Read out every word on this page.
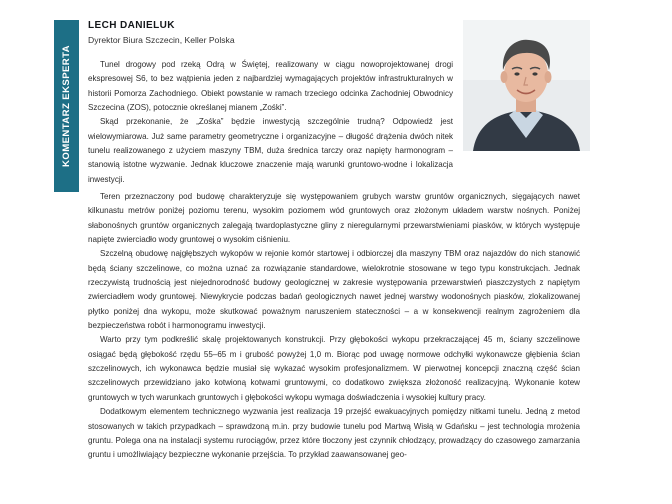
KOMENTARZ EKSPERTA
LECH DANIELUK
Dyrektor Biura Szczecin, Keller Polska

Tunel drogowy pod rzeką Odrą w Świętej, realizowany w ciągu nowoprojektowanej drogi ekspresowej S6, to bez wątpienia jeden z najbardziej wymagających projektów infrastrukturalnych w historii Pomorza Zachodniego. Obiekt powstanie w ramach trzeciego odcinka Zachodniej Obwodnicy Szczecina (ZOS), potocznie określanej mianem „Zośki”.

Skąd przekonanie, że „Zośka” będzie inwestycją szczególnie trudną? Odpowiedź jest wielowymiarowa. Już same parametry geometryczne i organizacyjne – długość drążenia dwóch nitek tunelu realizowanego z użyciem maszyny TBM, duża średnica tarczy oraz napięty harmonogram – stanowią istotne wyzwanie. Jednak kluczowe znaczenie mają warunki gruntowo-wodne i lokalizacja inwestycji.

Teren przeznaczony pod budowę charakteryzuje się występowaniem grubych warstw gruntów organicznych, sięgających nawet kilkunastu metrów poniżej poziomu terenu, wysokim poziomem wód gruntowych oraz złożonym układem warstw nośnych. Poniżej słabonośnych gruntów organicznych zalegają twardoplastyczne gliny z nieregularnymi przewarstwieniami piasków, w których występuje napięte zwierciadło wody gruntowej o wysokim ciśnieniu.

Szczelną obudowę najgłębszych wykopów w rejonie komór startowej i odbiorczej dla maszyny TBM oraz najazdów do nich stanowić będą ściany szczelinowe, co można uznać za rozwiązanie standardowe, wielokrotnie stosowane w tego typu konstrukcjach. Jednak rzeczywistą trudnością jest niejednorodność budowy geologicznej w zakresie występowania przewarstwień piaszczystych z napiętym zwierciadłem wody gruntowej. Niewykrycie podczas badań geologicznych nawet jednej warstwy wodonośnych piasków, zlokalizowanej płytko poniżej dna wykopu, może skutkować poważnym naruszeniem stateczności – a w konsekwencji realnym zagrożeniem dla bezpieczeństwa robót i harmonogramu inwestycji.

Warto przy tym podkreślić skalę projektowanych konstrukcji. Przy głębokości wykopu przekraczającej 45 m, ściany szczelinowe osiągać będą głębokość rzędu 55–65 m i grubość powyżej 1,0 m. Biorąc pod uwagę normowe odchyłki wykonawcze głębienia ścian szczelinowych, ich wykonawca będzie musiał się wykazać wysokim profesjonalizmem. W pierwotnej koncepcji znaczną część ścian szczelinowych przewidziano jako kotwioną kotwami gruntowymi, co dodatkowo zwiększa złożoność realizacyjną. Wykonanie kotew gruntowych w tych warunkach gruntowych i głębokości wykopu wymaga doświadczenia i wysokiej kultury pracy.

Dodatkowym elementem technicznego wyzwania jest realizacja 19 przejść ewakuacyjnych pomiędzy nitkami tunelu. Jedną z metod stosowanych w takich przypadkach – sprawdzoną m.in. przy budowie tunelu pod Martwą Wisłą w Gdańsku – jest technologia mrożenia gruntu. Polega ona na instalacji systemu rurociągów, przez które tłoczony jest czynnik chłodzący, prowadzący do czasowego zamarzania gruntu i umożliwiający bezpieczne wykonanie przejścia. To przykład zaawansowanej geo-
